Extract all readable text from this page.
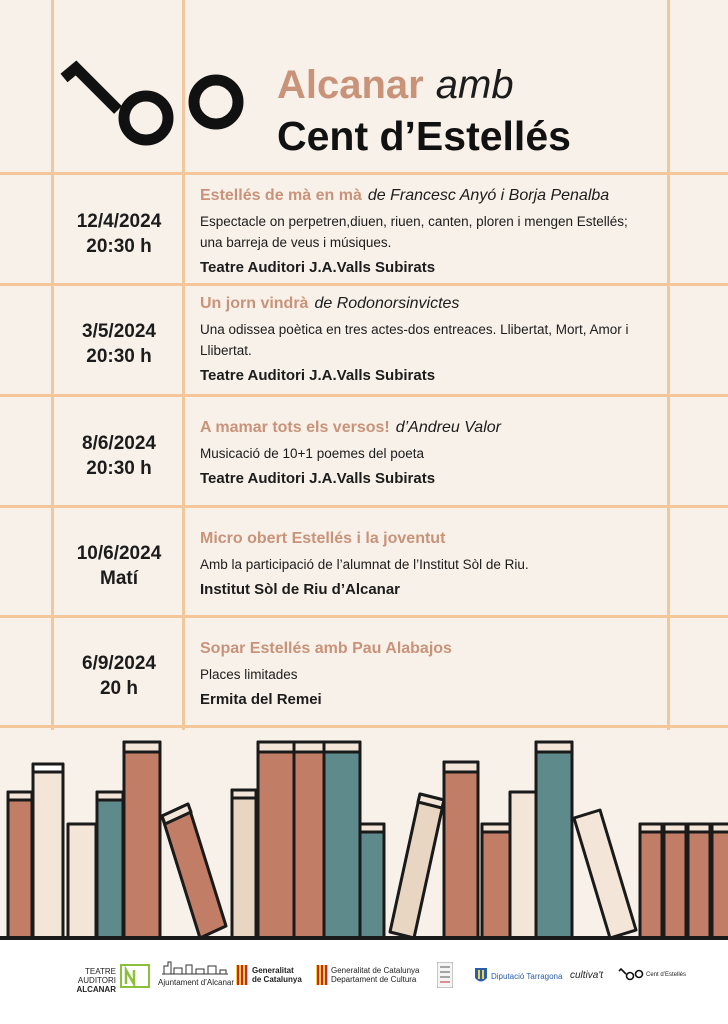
Alcanar amb
Cent d’Estellés
12/4/2024
20:30 h
Estellés de mà en mà de Francesc Anyó i Borja Penalba
Espectacle on perpetren,diuen, riuen, canten, ploren i mengen Estellés; una barreja de veus i músiques.
Teatre Auditori J.A.Valls Subirats
3/5/2024
20:30 h
Un jorn vindrà de Rodonorsinvictes
Una odissea poètica en tres actes-dos entreaces. Llibertat, Mort, Amor i Llibertat.
Teatre Auditori J.A.Valls Subirats
8/6/2024
20:30 h
A mamar tots els versos! d’Andreu Valor
Musicació de 10+1 poemes del poeta
Teatre Auditori J.A.Valls Subirats
10/6/2024
Matí
Micro obert Estellés i la joventut
Amb la participació de l’alumnat de l’Institut Sòl de Riu.
Institut Sòl de Riu d’Alcanar
6/9/2024
20 h
Sopar Estellés amb Pau Alabajos
Places limitades
Ermita del Remei
TEATRE AUDITORI
ALCANAR
Ajuntament d’Alcanar
Generalitat
de Catalunya
Generalitat de Catalunya
Departament de Cultura	Diputació Tarragona cultiva't	Cent d’Estellés
